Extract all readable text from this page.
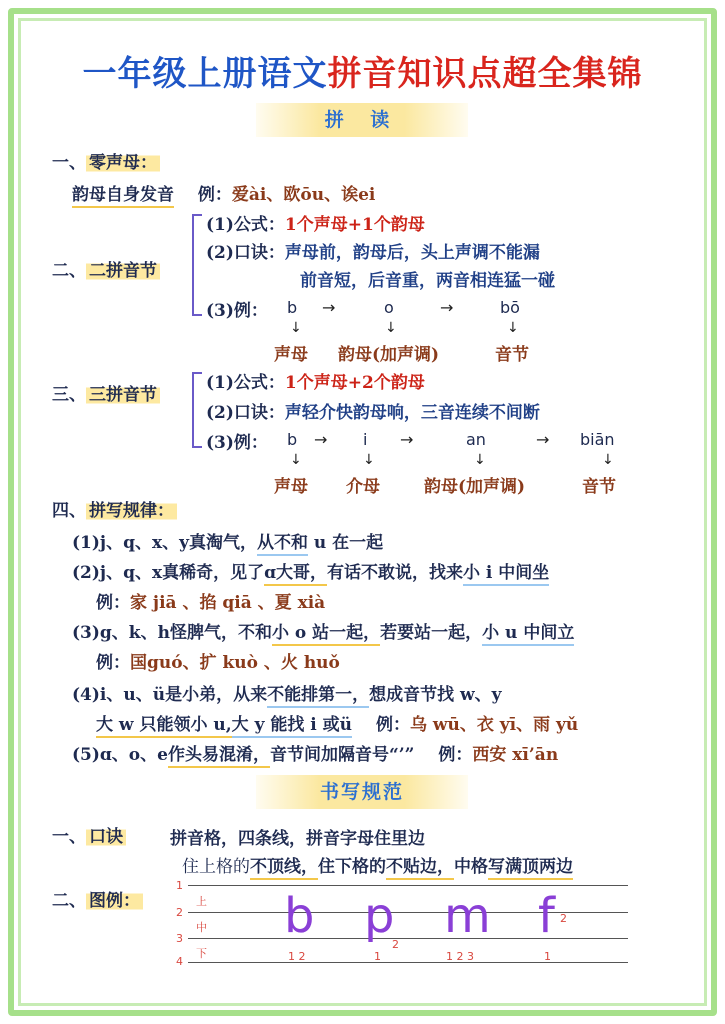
一年级上册语文拼音知识点超全集锦
拼 读
一、 零声母：
韵母自身发音 例：爱ài、欧ōu、诶ei
二、 二拼音节
(1)公式：1个声母+1个韵母
(2)口诀：声母前，韵母后，头上声调不能漏
前音短，后音重，两音相连猛一碰
(3)例： b →	o	→	bō
↓	↓	↓
声母 韵母(加声调)	音节
三、 三拼音节
(1)公式：1个声母+2个韵母
(2)口诀：声轻介快韵母响，三音连续不间断
(3)例： b → i →	an	→ biān
↓	↓	↓	↓
声母 介母	韵母(加声调)	音节
四、 拼写规律：
(1)j、q、x、y真淘气，从不和 u 在一起
(2)j、q、x真稀奇，见了ɑ大哥，有话不敢说，找来小 i 中间坐
例：家 jiā 、掐 qiā 、夏 xià
(3)g、k、h怪脾气，不和小 o 站一起，若要站一起，小 u 中间立
例：国guó、扩 kuò 、火 huǒ
(4)i、u、ü是小弟，从来不能排第一，想成音节找 w、y
大 w 只能领小 u,大 y 能找 i 或ü 例：乌 wū、衣 yī、雨 yǔ
(5)ɑ、o、e作头易混淆，音节间加隔音号“’” 例：西安 xī’ān
书写规范
一、 口诀	拼音格，四条线，拼音字母住里边
住上格的不顶线，住下格的不贴边，中格写满顶两边
二、 图例：
1
2
3
4
上
中
下
b p m f
1 2	1
2
1 2 3	1
2
